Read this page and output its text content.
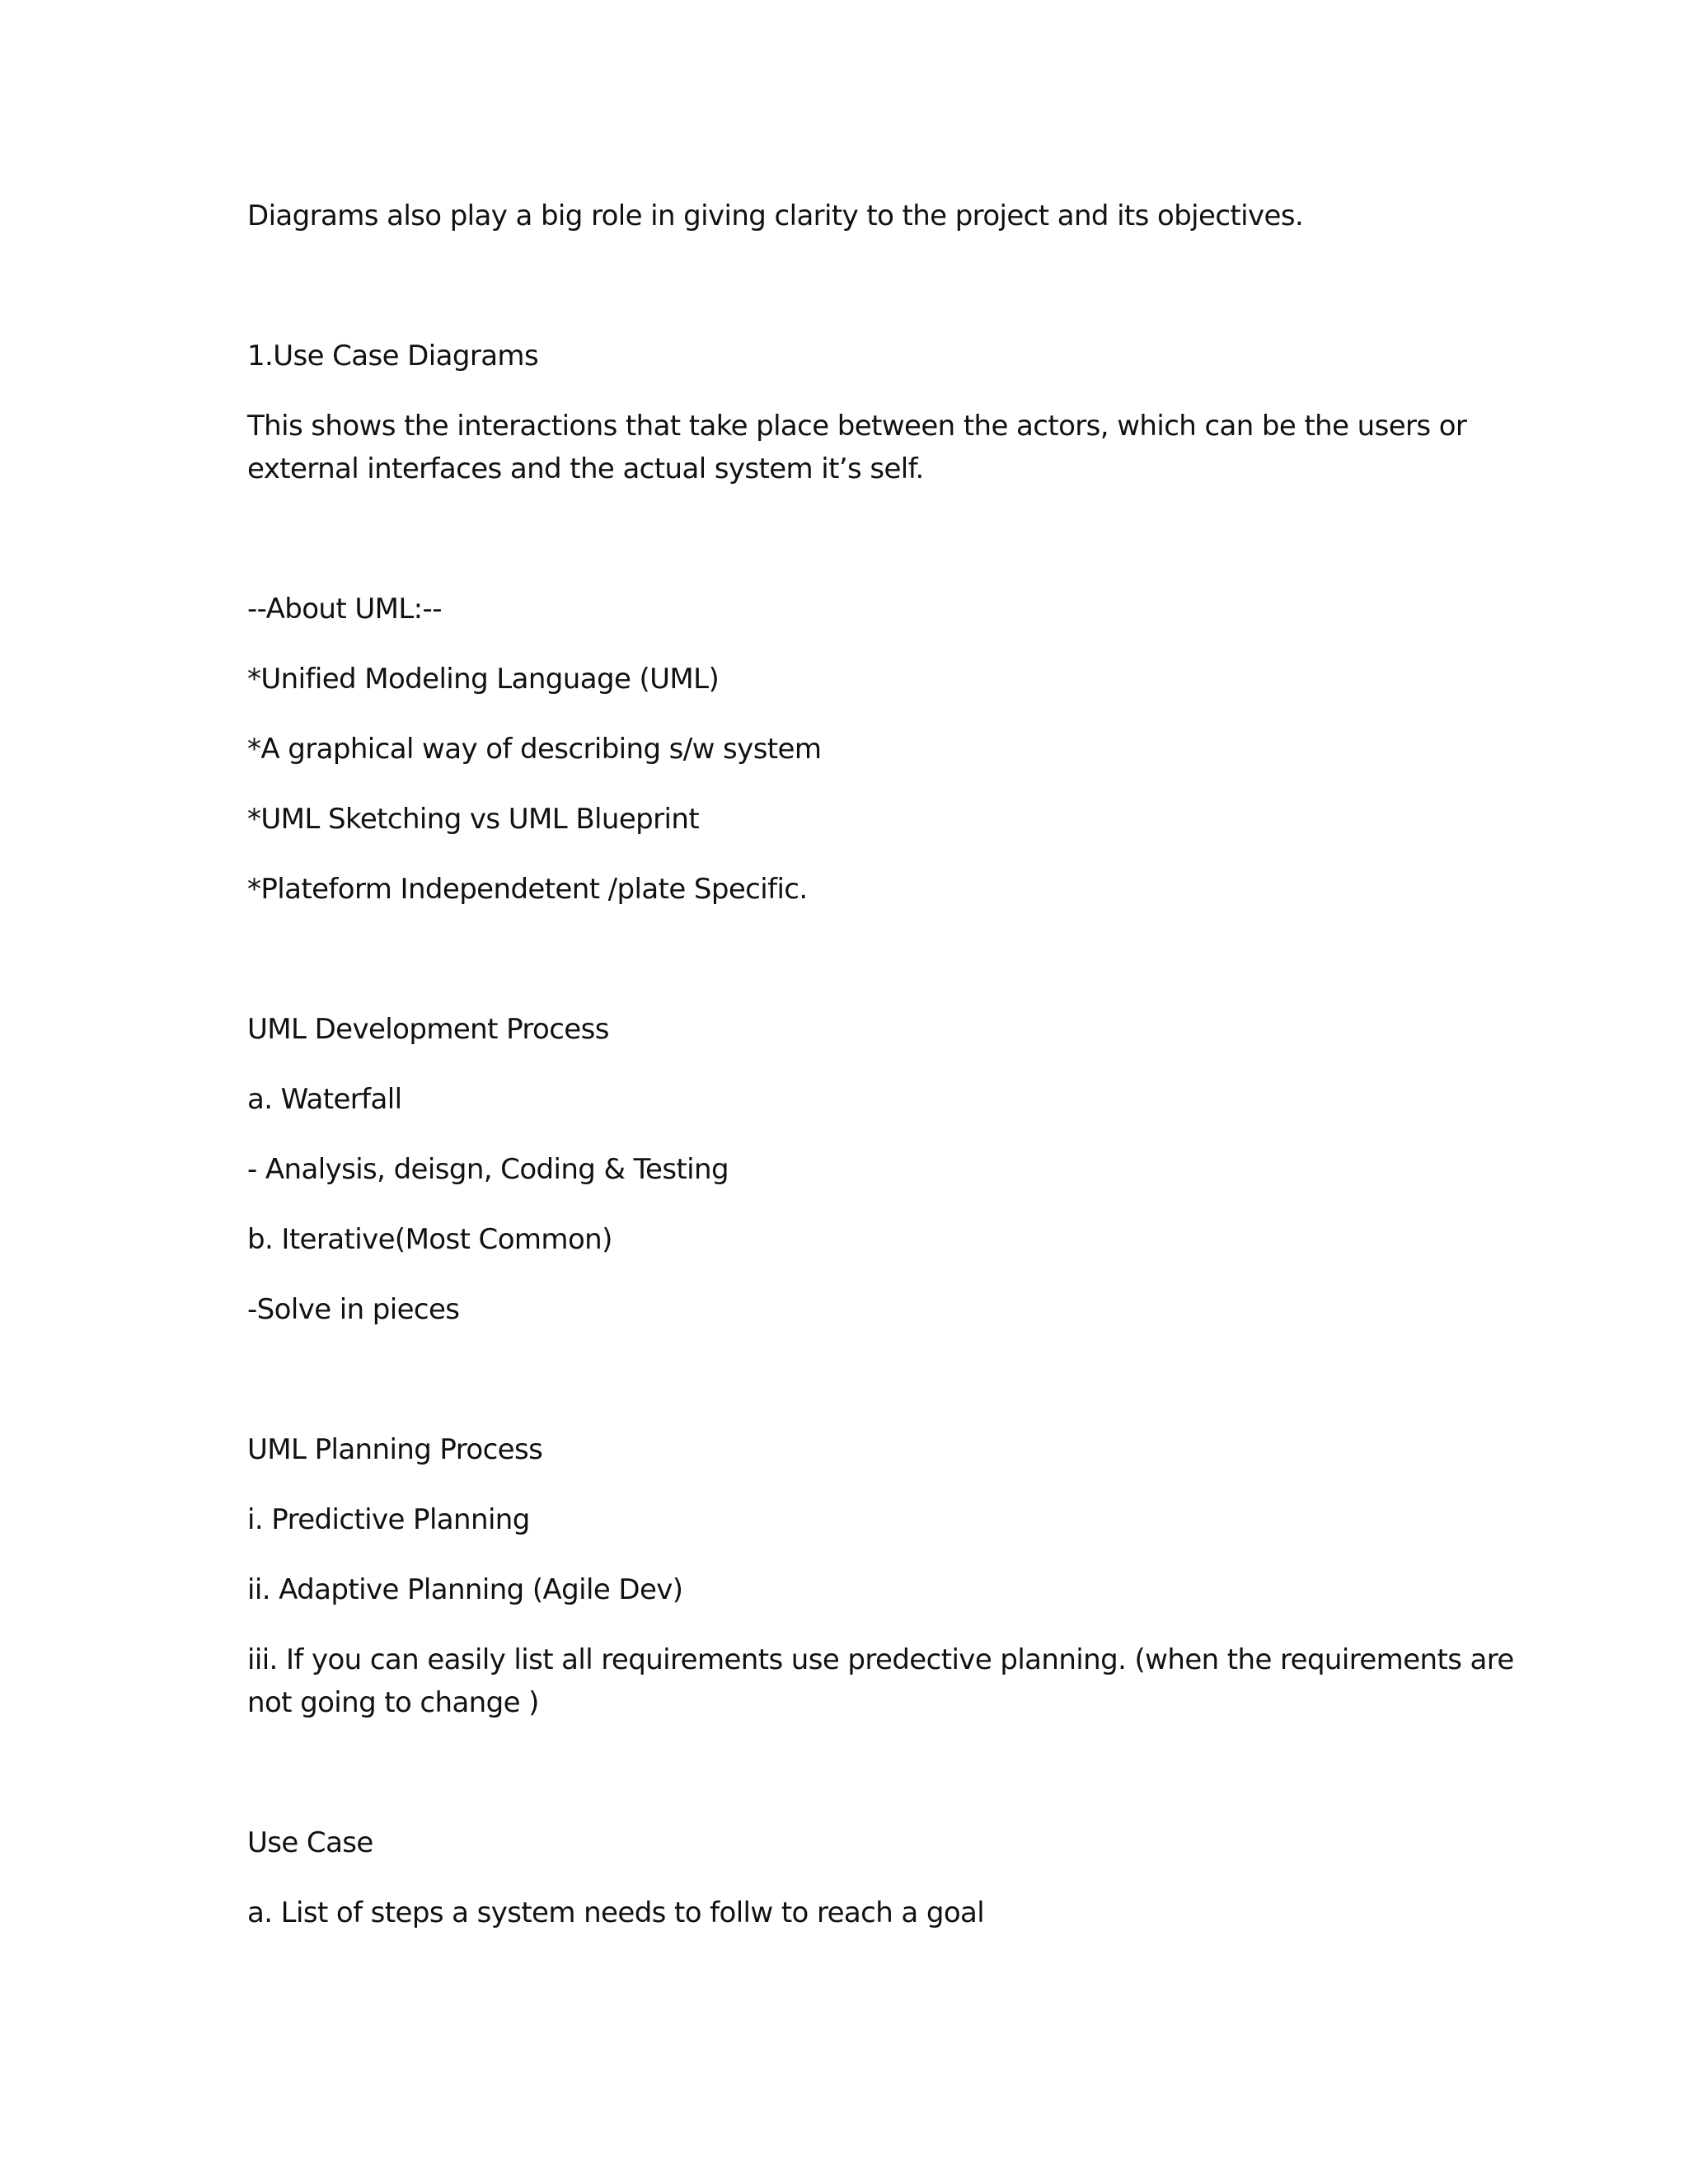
Diagrams also play a big role in giving clarity to the project and its objectives.

1.Use Case Diagrams

This shows the interactions that take place between the actors, which can be the users or

external interfaces and the actual system it’s self.

--About UML:--

*Unified Modeling Language (UML)

*A graphical way of describing s/w system

*UML Sketching vs UML Blueprint

*Plateform Independetent /plate Specific.

UML Development Process

a. Waterfall

- Analysis, deisgn, Coding & Testing

b. Iterative(Most Common)

-Solve in pieces

UML Planning Process

i. Predictive Planning

ii. Adaptive Planning (Agile Dev)

iii. If you can easily list all requirements use predective planning. (when the requirements are

not going to change )

Use Case

a. List of steps a system needs to follw to reach a goal
